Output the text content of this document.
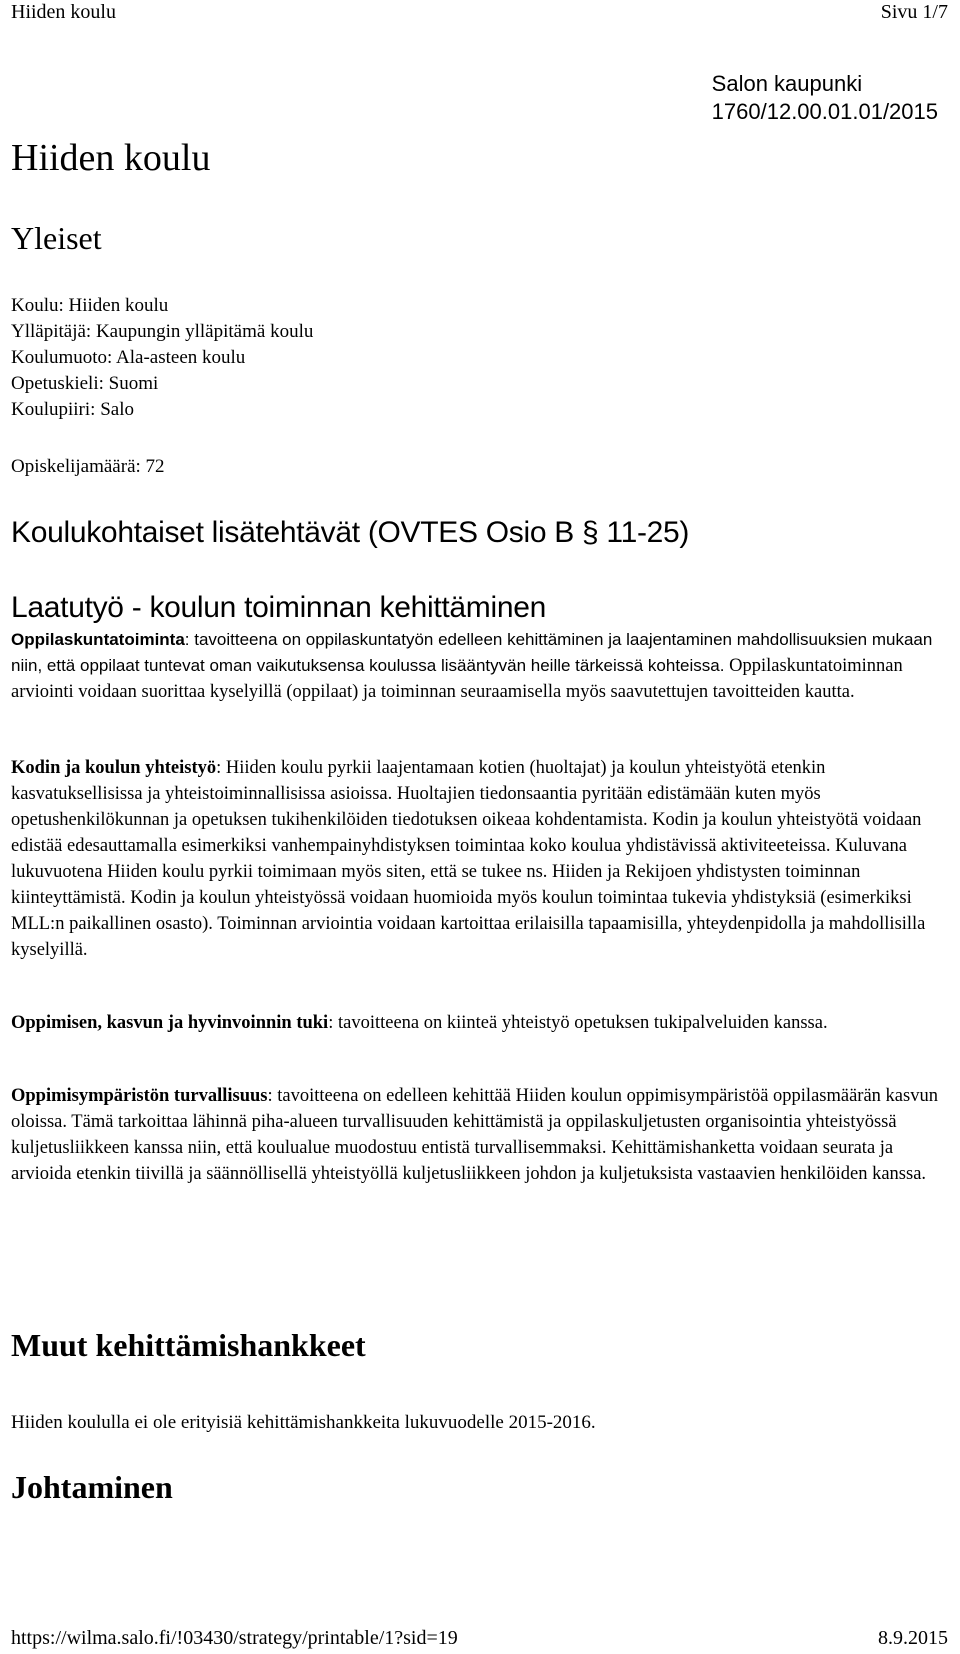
Hiiden koulu	Sivu 1/7
Salon kaupunki
1760/12.00.01.01/2015
Hiiden koulu
Yleiset
Koulu: Hiiden koulu
Ylläpitäjä: Kaupungin ylläpitämä koulu
Koulumuoto: Ala-asteen koulu
Opetuskieli: Suomi
Koulupiiri: Salo
Opiskelijamäärä: 72
Koulukohtaiset lisätehtävät (OVTES Osio B § 11-25)
Laatutyö - koulun toiminnan kehittäminen
Oppilaskuntatoiminta: tavoitteena on oppilaskuntatyön edelleen kehittäminen ja laajentaminen mahdollisuuksien mukaan niin, että oppilaat tuntevat oman vaikutuksensa koulussa lisääntyvän heille tärkeissä kohteissa. Oppilaskuntatoiminnan arviointi voidaan suorittaa kyselyillä (oppilaat) ja toiminnan seuraamisella myös saavutettujen tavoitteiden kautta.
Kodin ja koulun yhteistyö: Hiiden koulu pyrkii laajentamaan kotien (huoltajat) ja koulun yhteistyötä etenkin kasvatuksellisissa ja yhteistoiminnallisissa asioissa. Huoltajien tiedonsaantia pyritään edistämään kuten myös opetushenkilökunnan ja opetuksen tukihenkilöiden tiedotuksen oikeaa kohdentamista. Kodin ja koulun yhteistyötä voidaan edistää edesauttamalla esimerkiksi vanhempainyhdistyksen toimintaa koko koulua yhdistävissä aktiviteeteissa. Kuluvana lukuvuotena Hiiden koulu pyrkii toimimaan myös siten, että se tukee ns. Hiiden ja Rekijoen yhdistysten toiminnan kiinteyttämistä. Kodin ja koulun yhteistyössä voidaan huomioida myös koulun toimintaa tukevia yhdistyksiä (esimerkiksi MLL:n paikallinen osasto). Toiminnan arviointia voidaan kartoittaa erilaisilla tapaamisilla, yhteydenpidolla ja mahdollisilla kyselyillä.
Oppimisen, kasvun ja hyvinvoinnin tuki: tavoitteena on kiinteä yhteistyö opetuksen tukipalveluiden kanssa.
Oppimisympäristön turvallisuus: tavoitteena on edelleen kehittää Hiiden koulun oppimisympäristöä oppilasmäärän kasvun oloissa. Tämä tarkoittaa lähinnä piha-alueen turvallisuuden kehittämistä ja oppilaskuljetusten organisointia yhteistyössä kuljetusliikkeen kanssa niin, että koulualue muodostuu entistä turvallisemmaksi. Kehittämishanketta voidaan seurata ja arvioida etenkin tiivillä ja säännöllisellä yhteistyöllä kuljetusliikkeen johdon ja kuljetuksista vastaavien henkilöiden kanssa.
Muut kehittämishankkeet
Hiiden koululla ei ole erityisiä kehittämishankkeita lukuvuodelle 2015-2016.
Johtaminen
https://wilma.salo.fi/!03430/strategy/printable/1?sid=19	8.9.2015
